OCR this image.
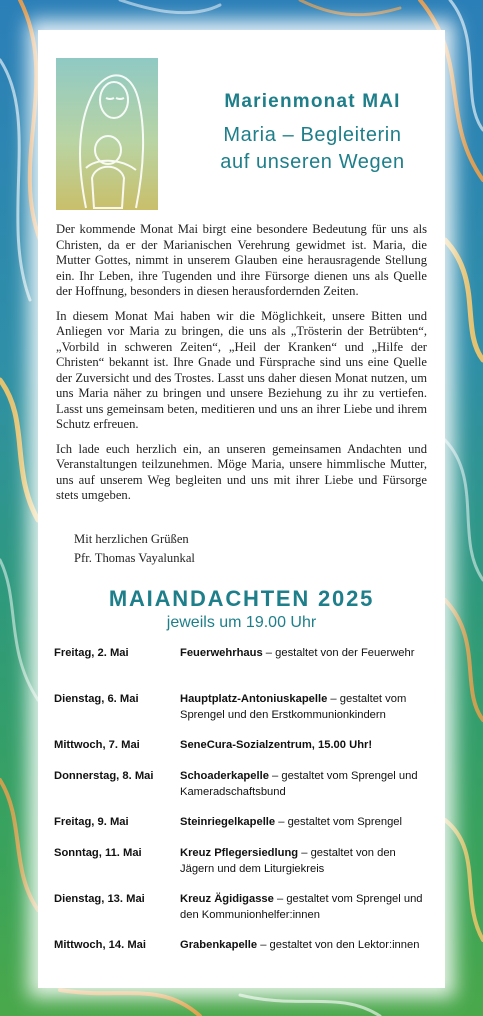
Marienmonat MAI
Maria – Begleiterin
auf unseren Wegen

Der kommende Monat Mai birgt eine besondere Bedeutung für uns als Christen, da er der Marianischen Verehrung gewidmet ist. Maria, die Mutter Gottes, nimmt in unserem Glauben eine herausragende Stellung ein. Ihr Leben, ihre Tugenden und ihre Fürsorge dienen uns als Quelle der Hoffnung, besonders in diesen herausfordernden Zeiten.

In diesem Monat Mai haben wir die Möglichkeit, unsere Bitten und Anliegen vor Maria zu bringen, die uns als „Trösterin der Betrübten“, „Vorbild in schweren Zeiten“, „Heil der Kranken“ und „Hilfe der Christen“ bekannt ist. Ihre Gnade und Fürsprache sind uns eine Quelle der Zuversicht und des Trostes. Lasst uns daher diesen Monat nutzen, um uns Maria näher zu bringen und unsere Beziehung zu ihr zu vertiefen. Lasst uns gemeinsam beten, meditieren und uns an ihrer Liebe und ihrem Schutz erfreuen.

Ich lade euch herzlich ein, an unseren gemeinsamen Andachten und Veranstaltungen teilzunehmen. Möge Maria, unsere himmlische Mutter, uns auf unserem Weg begleiten und uns mit ihrer Liebe und Fürsorge stets umgeben.

Mit herzlichen Grüßen
Pfr. Thomas Vayalunkal
MAIANDACHTEN 2025
jeweils um 19.00 Uhr
Freitag, 2. Mai	Feuerwehrhaus – gestaltet von der Feuerwehr
Dienstag, 6. Mai	Hauptplatz-Antoniuskapelle – gestaltet vom Sprengel und den Erstkommunionkindern
Mittwoch, 7. Mai	SeneCura-Sozialzentrum, 15.00 Uhr!
Donnerstag, 8. Mai	Schoaderkapelle – gestaltet vom Sprengel und Kameradschaftsbund
Freitag, 9. Mai	Steinriegelkapelle – gestaltet vom Sprengel
Sonntag, 11. Mai	Kreuz Pflegersiedlung – gestaltet von den Jägern und dem Liturgiekreis
Dienstag, 13. Mai	Kreuz Ägidigasse – gestaltet vom Sprengel und den Kommunionhelfer:innen
Mittwoch, 14. Mai	Grabenkapelle – gestaltet von den Lektor:innen
